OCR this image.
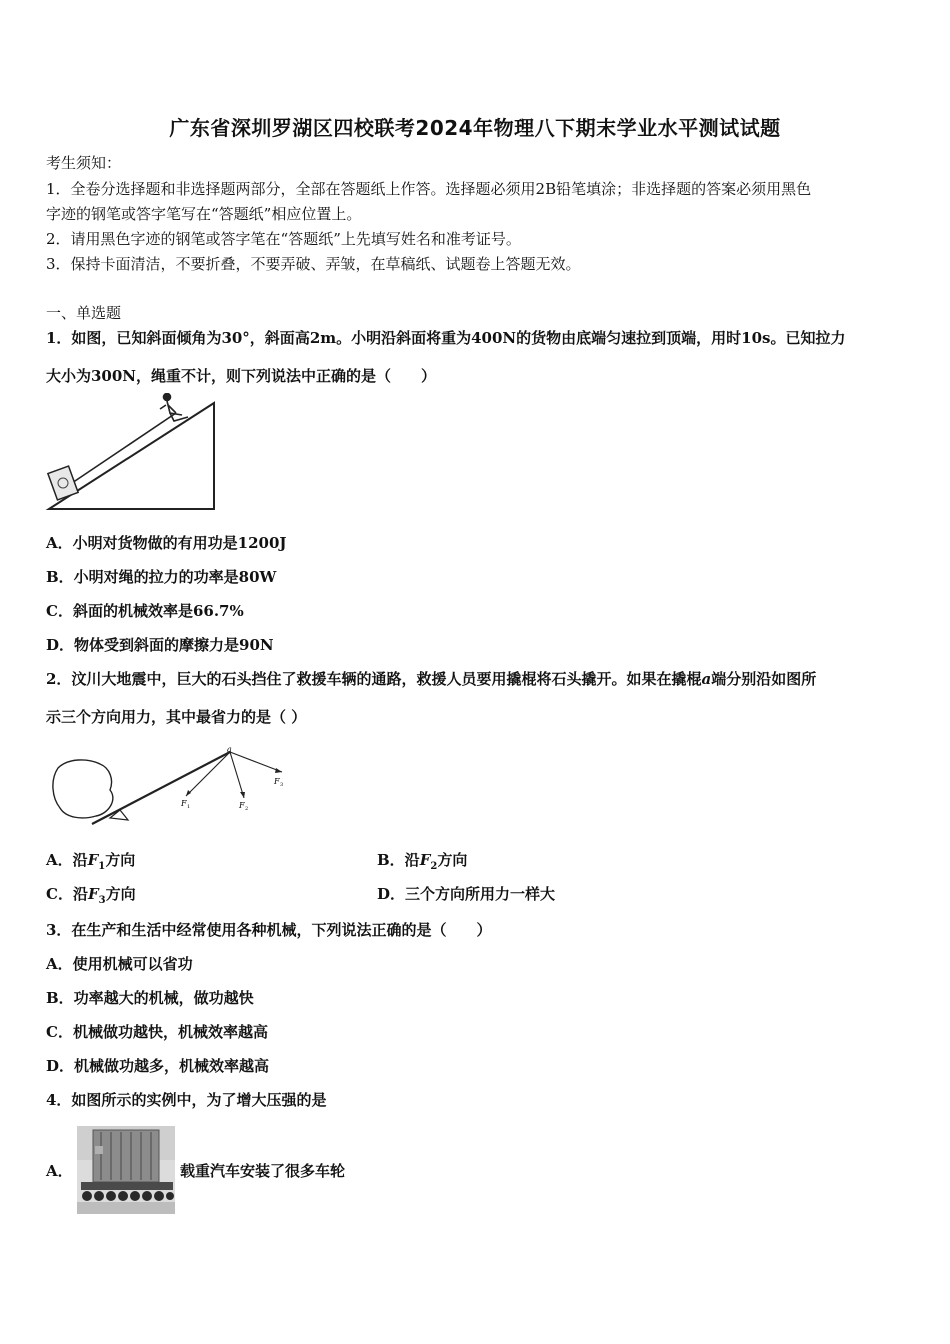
广东省深圳罗湖区四校联考2024年物理八下期末学业水平测试试题
考生须知：
1．全卷分选择题和非选择题两部分，全部在答题纸上作答。选择题必须用2B铅笔填涂；非选择题的答案必须用黑色
字迹的钢笔或答字笔写在“答题纸”相应位置上。
2．请用黑色字迹的钢笔或答字笔在“答题纸”上先填写姓名和准考证号。
3．保持卡面清洁，不要折叠，不要弄破、弄皱，在草稿纸、试题卷上答题无效。
一、单选题
1．如图，已知斜面倾角为30°，斜面高2m。小明沿斜面将重为400N的货物由底端匀速拉到顶端，用时10s。已知拉力
大小为300N，绳重不计，则下列说法中正确的是（　　）
A．小明对货物做的有用功是1200J
B．小明对绳的拉力的功率是80W
C．斜面的机械效率是66.7%
D．物体受到斜面的摩擦力是90N
2．汶川大地震中，巨大的石头挡住了救援车辆的通路，救援人员要用撬棍将石头撬开。如果在撬棍a端分别沿如图所
示三个方向用力，其中最省力的是（ ）
a
F 1	F 2
F 3
A．沿$F_1$方向	B．沿$F_2$方向
C．沿$F_3$方向	D．三个方向所用力一样大
3．在生产和生活中经常使用各种机械，下列说法正确的是（　　）
A．使用机械可以省功
B．功率越大的机械，做功越快
C．机械做功越快，机械效率越高
D．机械做功越多，机械效率越高
4．如图所示的实例中，为了增大压强的是
A．	载重汽车安装了很多车轮
